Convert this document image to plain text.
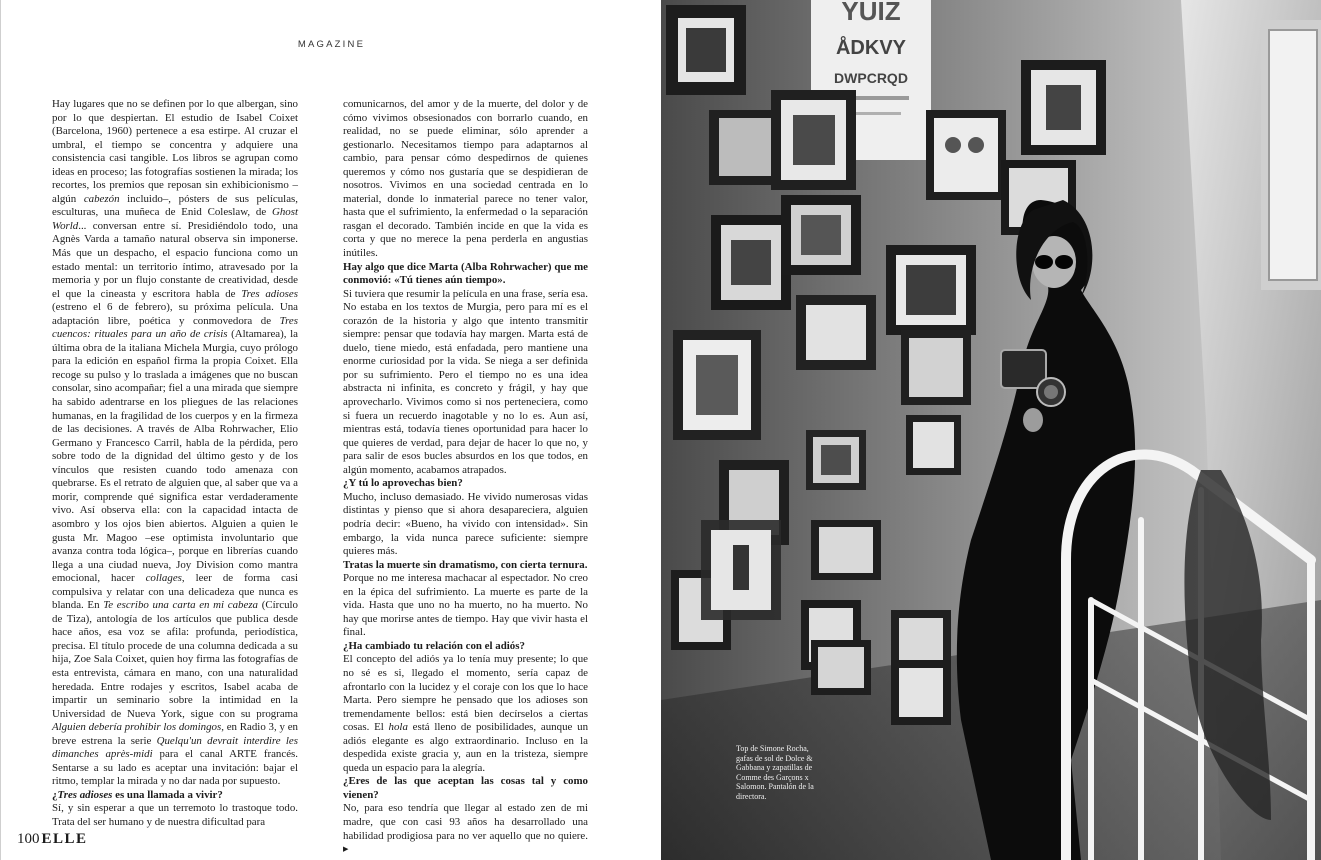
MAGAZINE

Hay lugares que no se definen por lo que albergan, sino por lo que despiertan. El estudio de Isabel Coixet (Barcelona, 1960) pertenece a esa estirpe. Al cruzar el umbral, el tiempo se concentra y adquiere una consistencia casi tangible. Los libros se agrupan como ideas en proceso; las fotografías sostienen la mirada; los recortes, los premios que reposan sin exhibicionismo –algún cabezón incluido–, pósters de sus películas, esculturas, una muñeca de Enid Coleslaw, de Ghost World... conversan entre sí. Presidiéndolo todo, una Agnès Varda a tamaño natural observa sin imponerse. Más que un despacho, el espacio funciona como un estado mental: un territorio íntimo, atravesado por la memoria y por un flujo constante de creatividad, desde el que la cineasta y escritora habla de Tres adioses (estreno el 6 de febrero), su próxima película. Una adaptación libre, poética y conmovedora de Tres cuencos: rituales para un año de crisis (Altamarea), la última obra de la italiana Michela Murgia, cuyo prólogo para la edición en español firma la propia Coixet. Ella recoge su pulso y lo traslada a imágenes que no buscan consolar, sino acompañar; fiel a una mirada que siempre ha sabido adentrarse en los pliegues de las relaciones humanas, en la fragilidad de los cuerpos y en la firmeza de las decisiones. A través de Alba Rohrwacher, Elio Germano y Francesco Carril, habla de la pérdida, pero sobre todo de la dignidad del último gesto y de los vínculos que resisten cuando todo amenaza con quebrarse. Es el retrato de alguien que, al saber que va a morir, comprende qué significa estar verdaderamente vivo. Así observa ella: con la capacidad intacta de asombro y los ojos bien abiertos. Alguien a quien le gusta Mr. Magoo –ese optimista involuntario que avanza contra toda lógica–, porque en librerías cuando llega a una ciudad nueva, Joy Division como mantra emocional, hacer collages, leer de forma casi compulsiva y relatar con una delicadeza que nunca es blanda. En Te escribo una carta en mi cabeza (Círculo de Tiza), antología de los artículos que publica desde hace años, esa voz se afila: profunda, periodística, precisa. El título procede de una columna dedicada a su hija, Zoe Sala Coixet, quien hoy firma las fotografías de esta entrevista, cámara en mano, con una naturalidad heredada. Entre rodajes y escritos, Isabel acaba de impartir un seminario sobre la intimidad en la Universidad de Nueva York, sigue con su programa Alguien debería prohibir los domingos, en Radio 3, y en breve estrena la serie Quelqu'un devrait interdire les dimanches après-midi para el canal ARTE francés. Sentarse a su lado es aceptar una invitación: bajar el ritmo, templar la mirada y no dar nada por supuesto.

¿Tres adioses es una llamada a vivir?

Sí, y sin esperar a que un terremoto lo trastoque todo. Trata del ser humano y de nuestra dificultad para

comunicarnos, del amor y de la muerte, del dolor y de cómo vivimos obsesionados con borrarlo cuando, en realidad, no se puede eliminar, sólo aprender a gestionarlo. Necesitamos tiempo para adaptarnos al cambio, para pensar cómo despedirnos de quienes queremos y cómo nos gustaría que se despidieran de nosotros. Vivimos en una sociedad centrada en lo material, donde lo inmaterial parece no tener valor, hasta que el sufrimiento, la enfermedad o la separación rasgan el decorado. También incide en que la vida es corta y que no merece la pena perderla en angustias inútiles.

Hay algo que dice Marta (Alba Rohrwacher) que me conmovió: «Tú tienes aún tiempo».

Si tuviera que resumir la película en una frase, sería esa. No estaba en los textos de Murgia, pero para mí es el corazón de la historia y algo que intento transmitir siempre: pensar que todavía hay margen. Marta está de duelo, tiene miedo, está enfadada, pero mantiene una enorme curiosidad por la vida. Se niega a ser definida por su sufrimiento. Pero el tiempo no es una idea abstracta ni infinita, es concreto y frágil, y hay que aprovecharlo. Vivimos como si nos perteneciera, como si fuera un recuerdo inagotable y no lo es. Aun así, mientras está, todavía tienes oportunidad para hacer lo que quieres de verdad, para dejar de hacer lo que no, y para salir de esos bucles absurdos en los que todos, en algún momento, acabamos atrapados.

¿Y tú lo aprovechas bien?

Mucho, incluso demasiado. He vivido numerosas vidas distintas y pienso que si ahora desapareciera, alguien podría decir: «Bueno, ha vivido con intensidad». Sin embargo, la vida nunca parece suficiente: siempre quieres más.

Tratas la muerte sin dramatismo, con cierta ternura.

Porque no me interesa machacar al espectador. No creo en la épica del sufrimiento. La muerte es parte de la vida. Hasta que uno no ha muerto, no ha muerto. No hay que morirse antes de tiempo. Hay que vivir hasta el final.

¿Ha cambiado tu relación con el adiós?

El concepto del adiós ya lo tenía muy presente; lo que no sé es si, llegado el momento, sería capaz de afrontarlo con la lucidez y el coraje con los que lo hace Marta. Pero siempre he pensado que los adioses son tremendamente bellos: está bien decírselos a ciertas cosas. El hola está lleno de posibilidades, aunque un adiós elegante es algo extraordinario. Incluso en la despedida existe gracia y, aun en la tristeza, siempre queda un espacio para la alegría.

¿Eres de las que aceptan las cosas tal y como vienen?

No, para eso tendría que llegar al estado zen de mi madre, que con casi 93 años ha desarrollado una habilidad prodigiosa para no ver aquello que no quiere. ▸

100 ELLE
YUIZ
ÅDKVY
DWPCRQD
Top de Simone Rocha, gafas de sol de Dolce & Gabbana y zapatillas de Comme des Garçons x Salomon. Pantalón de la directora.
